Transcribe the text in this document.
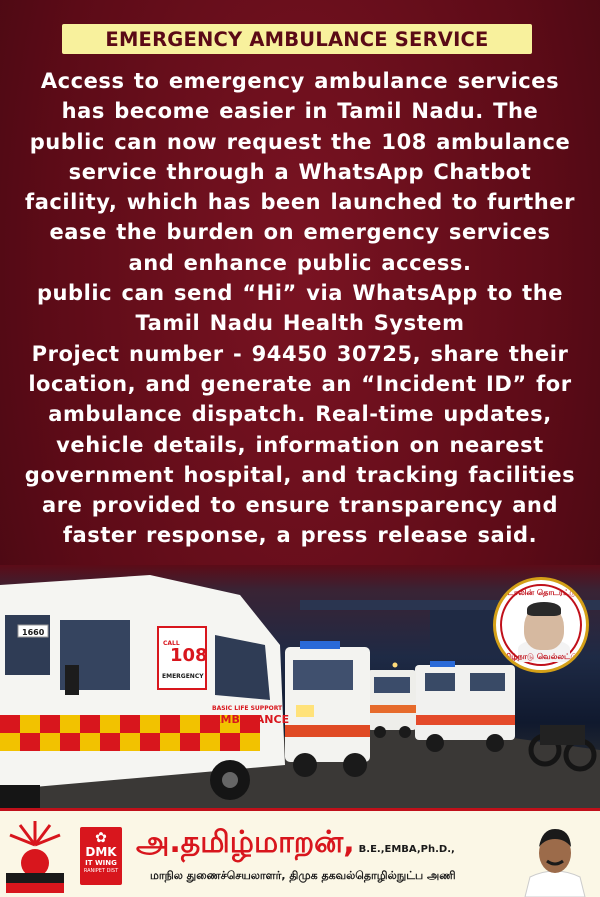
EMERGENCY AMBULANCE SERVICE
Access to emergency ambulance services
has become easier in Tamil Nadu. The
public can now request the 108 ambulance
service through a WhatsApp Chatbot
facility, which has been launched to further
ease the burden on emergency services
and enhance public access.
public can send “Hi” via WhatsApp to the
Tamil Nadu Health System
Project number - 94450 30725, share their
location, and generate an “Incident ID” for
ambulance dispatch. Real-time updates,
vehicle details, information on nearest
government hospital, and tracking facilities
are provided to ensure transparency and
faster response, a press release said.
CALL
108
EMERGENCY
BASIC LIFE SUPPORT
AMBULANCE
1660
ஸ்டாலின் தொடரட்டும்
தமிழ்நாடு வெல்லட்டும்
✿
DMK
IT WING
RANIPET DIST
அ.தமிழ்மாறன், B.E.,EMBA,Ph.D.,
மாநில துணைச்செயலாளர், திமுக தகவல்தொழில்நுட்ப அணி
